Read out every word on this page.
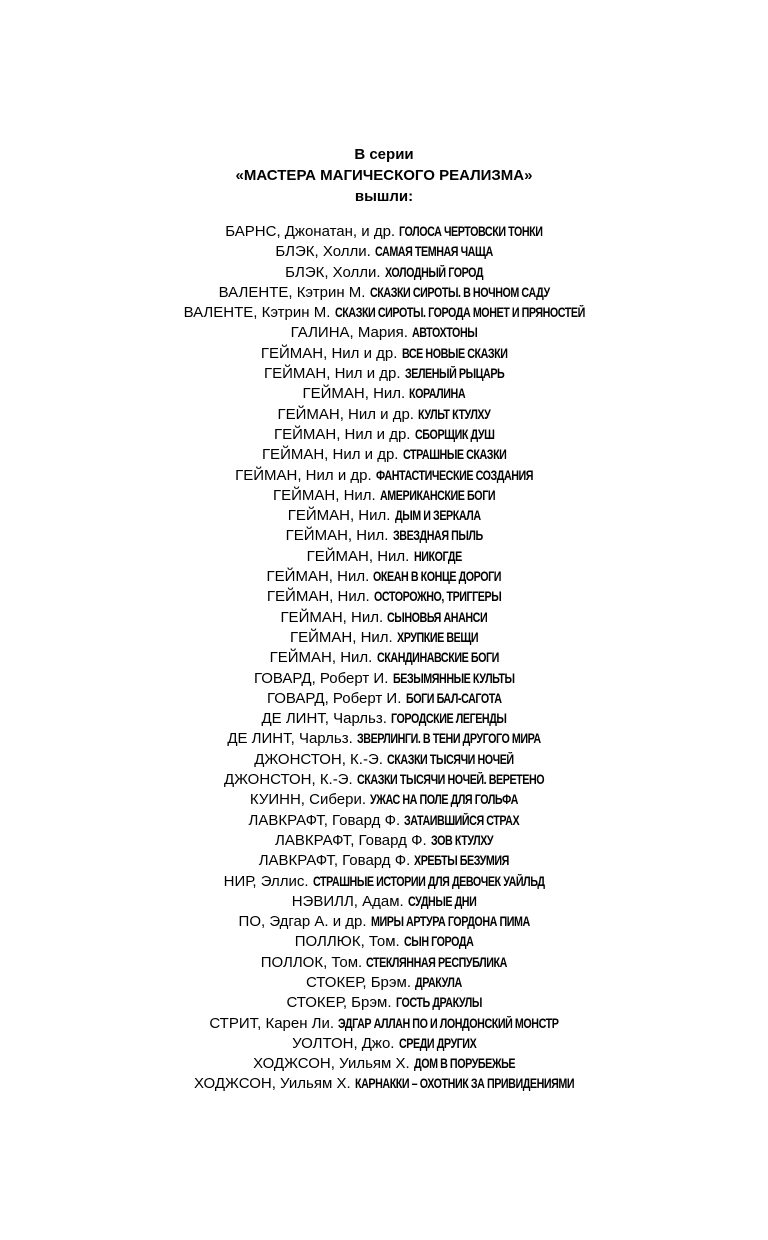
В серии
«МАСТЕРА МАГИЧЕСКОГО РЕАЛИЗМА»
вышли:
БАРНС, Джонатан, и др. ГОЛОСА ЧЕРТОВСКИ ТОНКИ
БЛЭК, Холли. САМАЯ ТЕМНАЯ ЧАЩА
БЛЭК, Холли. ХОЛОДНЫЙ ГОРОД
ВАЛЕНТЕ, Кэтрин М. СКАЗКИ СИРОТЫ. В НОЧНОМ САДУ
ВАЛЕНТЕ, Кэтрин М. СКАЗКИ СИРОТЫ. ГОРОДА МОНЕТ И ПРЯНОСТЕЙ
ГАЛИНА, Мария. АВТОХТОНЫ
ГЕЙМАН, Нил и др. ВСЕ НОВЫЕ СКАЗКИ
ГЕЙМАН, Нил и др. ЗЕЛЕНЫЙ РЫЦАРЬ
ГЕЙМАН, Нил. КОРАЛИНА
ГЕЙМАН, Нил и др. КУЛЬТ КТУЛХУ
ГЕЙМАН, Нил и др. СБОРЩИК ДУШ
ГЕЙМАН, Нил и др. СТРАШНЫЕ СКАЗКИ
ГЕЙМАН, Нил и др. ФАНТАСТИЧЕСКИЕ СОЗДАНИЯ
ГЕЙМАН, Нил. АМЕРИКАНСКИЕ БОГИ
ГЕЙМАН, Нил. ДЫМ И ЗЕРКАЛА
ГЕЙМАН, Нил. ЗВЕЗДНАЯ ПЫЛЬ
ГЕЙМАН, Нил. НИКОГДЕ
ГЕЙМАН, Нил. ОКЕАН В КОНЦЕ ДОРОГИ
ГЕЙМАН, Нил. ОСТОРОЖНО, ТРИГГЕРЫ
ГЕЙМАН, Нил. СЫНОВЬЯ АНАНСИ
ГЕЙМАН, Нил. ХРУПКИЕ ВЕЩИ
ГЕЙМАН, Нил. СКАНДИНАВСКИЕ БОГИ
ГОВАРД, Роберт И. БЕЗЫМЯННЫЕ КУЛЬТЫ
ГОВАРД, Роберт И. БОГИ БАЛ-САГОТА
ДЕ ЛИНТ, Чарльз. ГОРОДСКИЕ ЛЕГЕНДЫ
ДЕ ЛИНТ, Чарльз. ЗВЕРЛИНГИ. В ТЕНИ ДРУГОГО МИРА
ДЖОНСТОН, К.-Э. СКАЗКИ ТЫСЯЧИ НОЧЕЙ
ДЖОНСТОН, К.-Э. СКАЗКИ ТЫСЯЧИ НОЧЕЙ. ВЕРЕТЕНО
КУИНН, Сибери. УЖАС НА ПОЛЕ ДЛЯ ГОЛЬФА
ЛАВКРАФТ, Говард Ф. ЗАТАИВШИЙСЯ СТРАХ
ЛАВКРАФТ, Говард Ф. ЗОВ КТУЛХУ
ЛАВКРАФТ, Говард Ф. ХРЕБТЫ БЕЗУМИЯ
НИР, Эллис. СТРАШНЫЕ ИСТОРИИ ДЛЯ ДЕВОЧЕК УАЙЛЬД
НЭВИЛЛ, Адам. СУДНЫЕ ДНИ
ПО, Эдгар А. и др. МИРЫ АРТУРА ГОРДОНА ПИМА
ПОЛЛЮК, Том. СЫН ГОРОДА
ПОЛЛОК, Том. СТЕКЛЯННАЯ РЕСПУБЛИКА
СТОКЕР, Брэм. ДРАКУЛА
СТОКЕР, Брэм. ГОСТЬ ДРАКУЛЫ
СТРИТ, Карен Ли. ЭДГАР АЛЛАН ПО И ЛОНДОНСКИЙ МОНСТР
УОЛТОН, Джо. СРЕДИ ДРУГИХ
ХОДЖСОН, Уильям Х. ДОМ В ПОРУБЕЖЬЕ
ХОДЖСОН, Уильям Х. КАРНАККИ – ОХОТНИК ЗА ПРИВИДЕНИЯМИ
